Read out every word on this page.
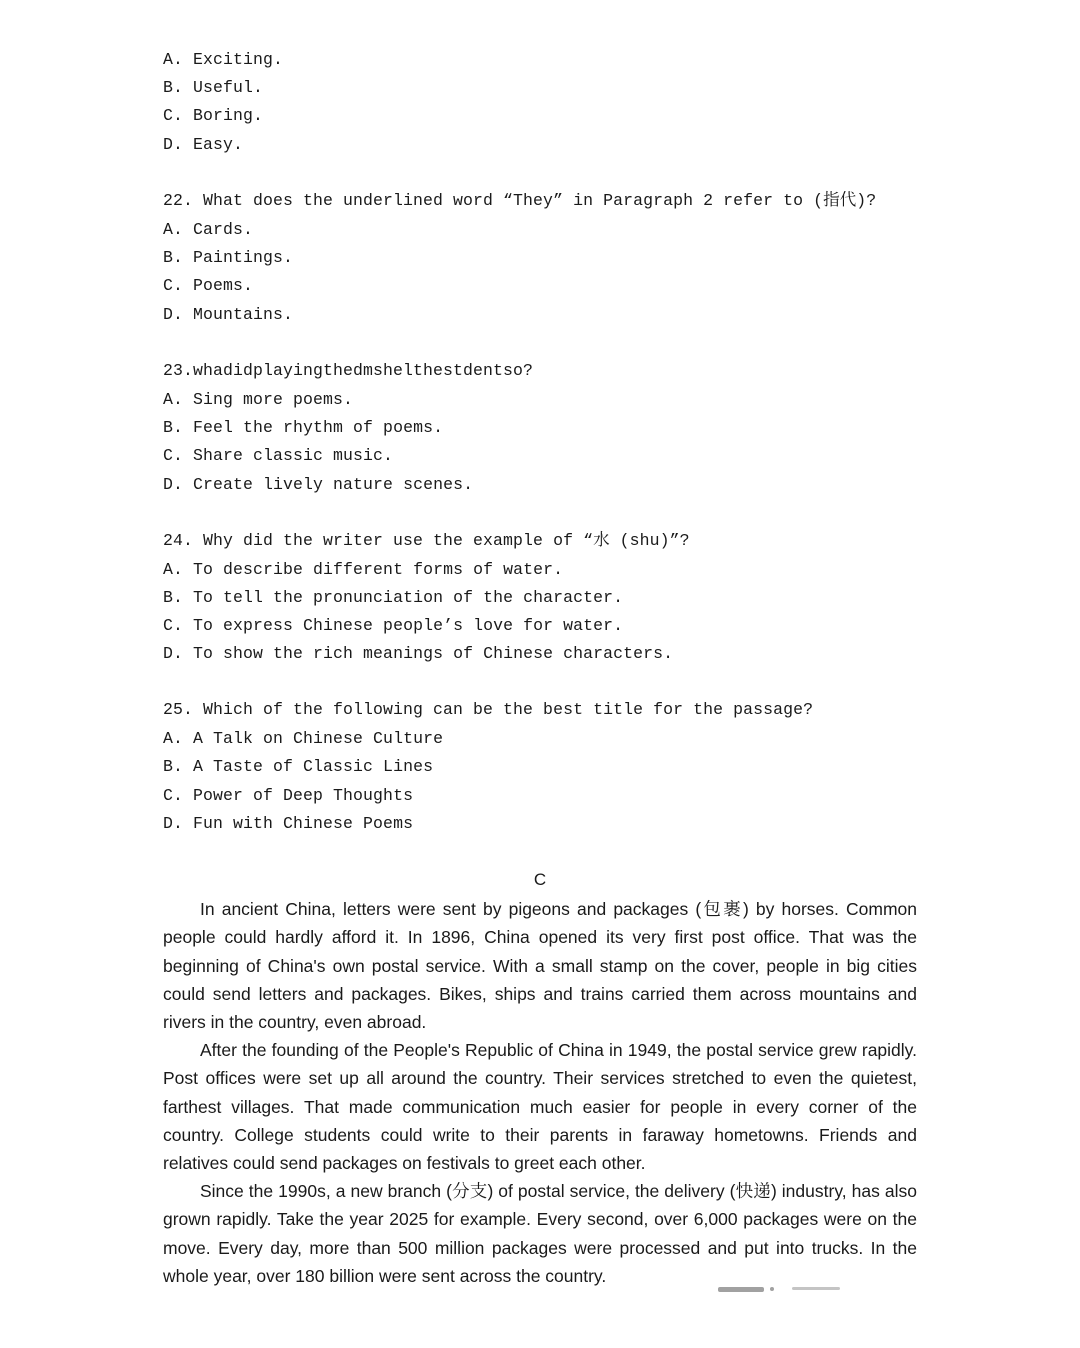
A. Exciting.
B. Useful.
C. Boring.
D. Easy.
22. What does the underlined word “They” in Paragraph 2 refer to (指代)?
A. Cards.
B. Paintings.
C. Poems.
D. Mountains.
23.whadidplayingthedmshelthestdentso?
A. Sing more poems.
B. Feel the rhythm of poems.
C. Share classic music.
D. Create lively nature scenes.
24. Why did the writer use the example of “水 (shu)”?
A. To describe different forms of water.
B. To tell the pronunciation of the character.
C. To express Chinese people’s love for water.
D. To show the rich meanings of Chinese characters.
25. Which of the following can be the best title for the passage?
A. A Talk on Chinese Culture
B. A Taste of Classic Lines
C. Power of Deep Thoughts
D. Fun with Chinese Poems
C

In ancient China, letters were sent by pigeons and packages (包裹) by horses. Common people could hardly afford it. In 1896, China opened its very first post office. That was the beginning of China's own postal service. With a small stamp on the cover, people in big cities could send letters and packages. Bikes, ships and trains carried them across mountains and rivers in the country, even abroad.

After the founding of the People's Republic of China in 1949, the postal service grew rapidly. Post offices were set up all around the country. Their services stretched to even the quietest, farthest villages. That made communication much easier for people in every corner of the country. College students could write to their parents in faraway hometowns. Friends and relatives could send packages on festivals to greet each other.

Since the 1990s, a new branch (分支) of postal service, the delivery (快递) industry, has also grown rapidly. Take the year 2025 for example. Every second, over 6,000 packages were on the move. Every day, more than 500 million packages were processed and put into trucks. In the whole year, over 180 billion were sent across the country.
